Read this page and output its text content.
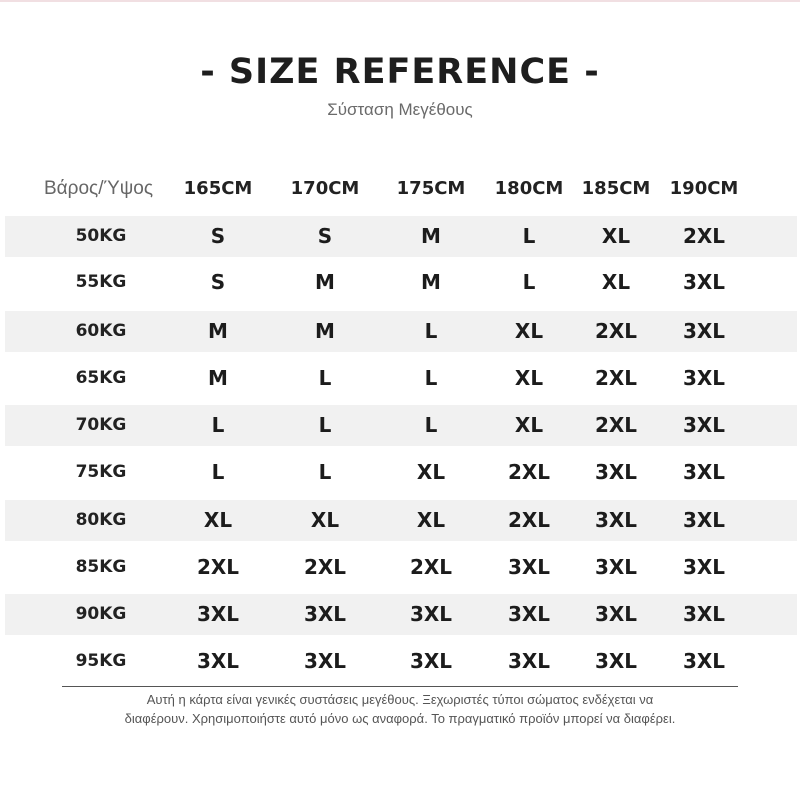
- SIZE REFERENCE -
Σύσταση Μεγέθους
Βάρος/Ύψος	165CM	170CM	175CM	180CM	185CM	190CM
50KG	S	S	M	L	XL	2XL
55KG	S	M	M	L	XL	3XL
60KG	M	M	L	XL	2XL	3XL
65KG	M	L	L	XL	2XL	3XL
70KG	L	L	L	XL	2XL	3XL
75KG	L	L	XL	2XL	3XL	3XL
80KG	XL	XL	XL	2XL	3XL	3XL
85KG	2XL	2XL	2XL	3XL	3XL	3XL
90KG	3XL	3XL	3XL	3XL	3XL	3XL
95KG	3XL	3XL	3XL	3XL	3XL	3XL
Αυτή η κάρτα είναι γενικές συστάσεις μεγέθους. Ξεχωριστές τύποι σώματος ενδέχεται να
διαφέρουν. Χρησιμοποιήστε αυτό μόνο ως αναφορά. Το πραγματικό προϊόν μπορεί να διαφέρει.
